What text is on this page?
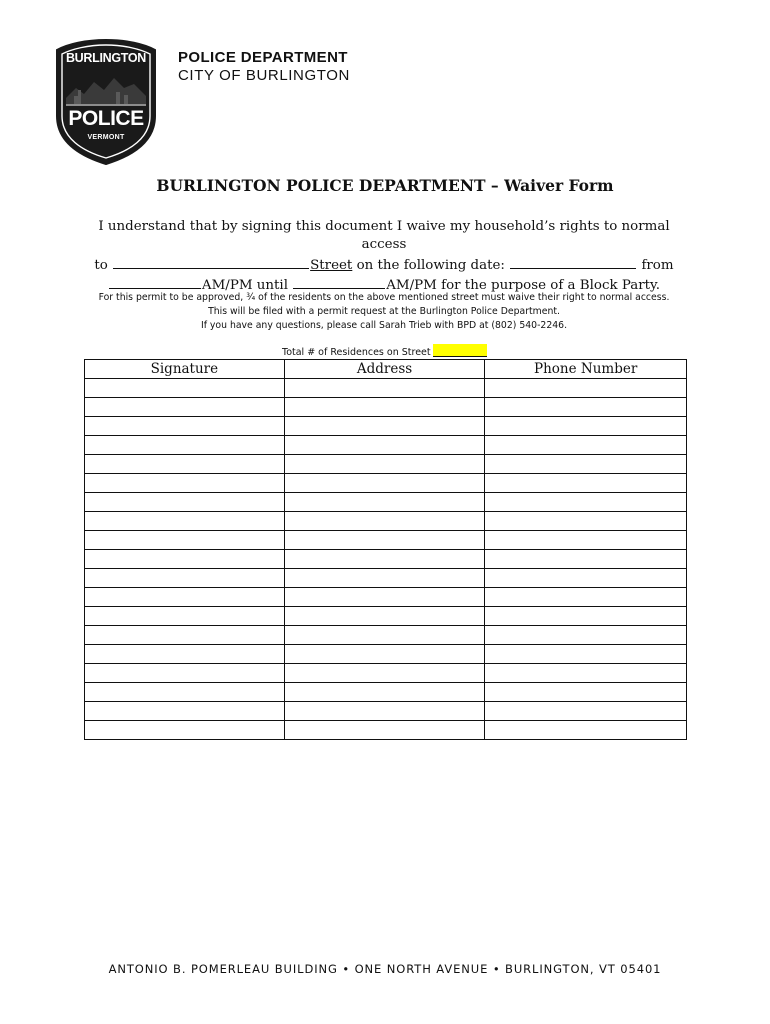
BURLINGTON
POLICE
VERMONT
POLICE DEPARTMENT
CITY OF BURLINGTON
BURLINGTON POLICE DEPARTMENT – Waiver Form
I understand that by signing this document I waive my household’s rights to normal access
to	Street on the following date:	from
AM/PM until	AM/PM for the purpose of a Block Party.
For this permit to be approved, ¾ of the residents on the above mentioned street must waive their right to normal access.
This will be filed with a permit request at the Burlington Police Department.
If you have any questions, please call Sarah Trieb with BPD at (802) 540-2246.
Total # of Residences on Street
Signature	Address	Phone Number

ANTONIO B. POMERLEAU BUILDING • ONE NORTH AVENUE • BURLINGTON, VT 05401
